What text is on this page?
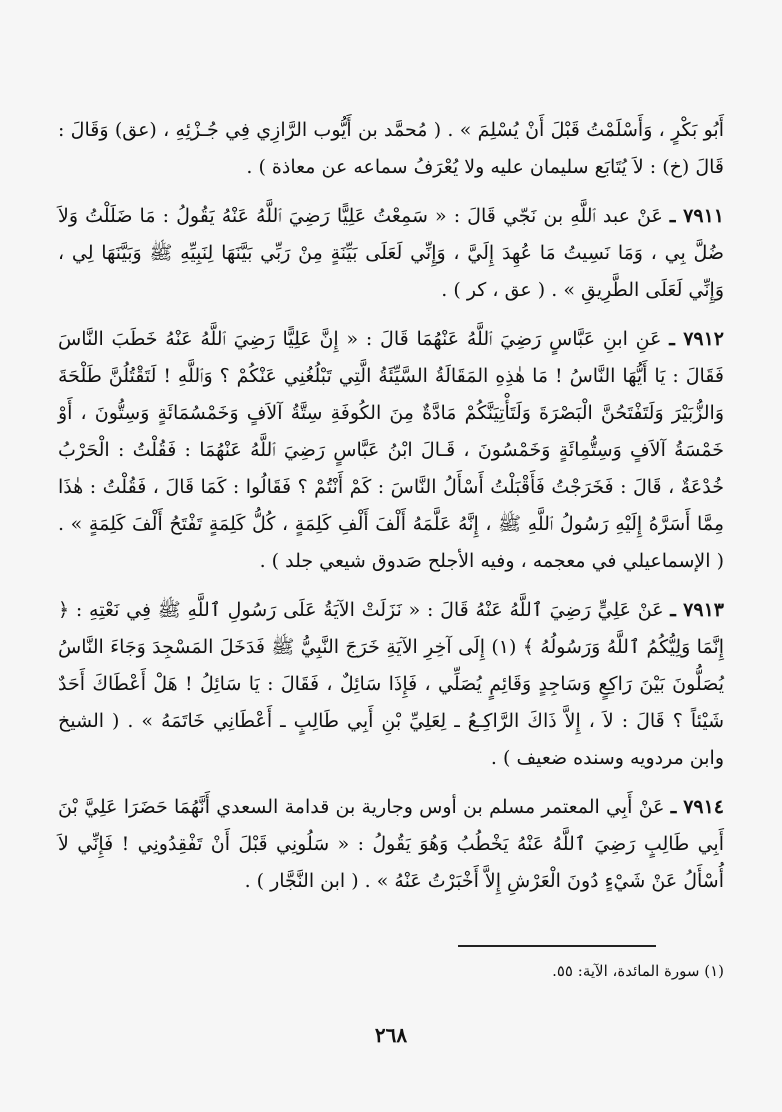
أَبُو بَكْرٍ ، وَأَسْلَمْتُ قَبْلَ أَنْ يُسْلِمَ » . ( مُحمَّد بن أَيُّوب الرَّازِي فِي جُـزْئِهِ ، (عق) وَقَالَ : قَالَ (خ) : لاَ يُتَابَع سليمان عليه ولا يُعْرَفُ سماعه عن معاذة ) .

٧٩١١ ـ عَنْ عبد ٱللَّهِ بن نَجّي قَالَ : « سَمِعْتُ عَلِيًّا رَضِيَ ٱللَّهُ عَنْهُ يَقُولُ : مَا ضَلَلْتُ وَلاَ ضُلَّ بِي ، وَمَا نَسِيتُ مَا عُهِدَ إِلَيَّ ، وَإِنِّي لَعَلَى بَيِّنَةٍ مِنْ رَبِّي بَيَّنَهَا لِنَبِيِّهِ ﷺ وَبَيَّنَهَا لِي ، وَإِنِّي لَعَلَى الطَّرِيقِ » . ( عق ، كر ) .

٧٩١٢ ـ عَنِ ابنِ عَبَّاسٍ رَضِيَ ٱللَّهُ عَنْهُمَا قَالَ : « إِنَّ عَلِيًّا رَضِيَ ٱللَّهُ عَنْهُ خَطَبَ النَّاسَ فَقَالَ : يَا أَيُّهَا النَّاسُ ! مَا هٰذِهِ المَقَالَةُ السَّيِّئَةُ الَّتِي تَبْلُغُنِي عَنْكُمْ ؟ وَٱللَّهِ ! لَتَقْتُلُنَّ طَلْحَةَ وَالزُّبَيْرَ وَلَتَفْتَحُنَّ الْبَصْرَةَ وَلَتَأْتِيَنَّكُمْ مَادَّةٌ مِنَ الكُوفَةِ سِتَّةُ آلاَفٍ وَخَمْسُمَائَةٍ وَسِتُّونَ ، أَوْ خَمْسَةُ آلاَفٍ وَسِتُّمِائَةٍ وَخَمْسُونَ ، قَـالَ ابْنُ عَبَّاسٍ رَضِيَ ٱللَّهُ عَنْهُمَا : فَقُلْتُ : الْحَرْبُ خُدْعَةٌ ، قَالَ : فَخَرَجْتُ فَأَقْبَلْتُ أَسْأَلُ النَّاسَ : كَمْ أَنْتُمْ ؟ فَقَالُوا : كَمَا قَالَ ، فَقُلْتُ : هٰذَا مِمَّا أَسَرَّهُ إِلَيْهِ رَسُولُ ٱللَّهِ ﷺ ، إِنَّهُ عَلَّمَهُ أَلْفَ أَلْفِ كَلِمَةٍ ، كُلُّ كَلِمَةٍ تَفْتَحُ أَلْفَ كَلِمَةٍ » . ( الإسماعيلي في معجمه ، وفيه الأجلح صَدوق شيعي جلد ) .

٧٩١٣ ـ عَنْ عَلِيٍّ رَضِيَ ٱللَّهُ عَنْهُ قَالَ : « نَزَلَتْ الآيَةُ عَلَى رَسُولِ ٱللَّهِ ﷺ فِي نَعْتِهِ : ﴿ إِنَّمَا وَلِيُّكُمُ ٱللَّهُ وَرَسُولُهُ ﴾ (١) إِلَى آخِرِ الآيَةِ خَرَجَ النَّبِيُّ ﷺ فَدَخَلَ المَسْجِدَ وَجَاءَ النَّاسُ يُصَلُّونَ بَيْنَ رَاكِعٍ وَسَاجِدٍ وَقَائِمٍ يُصَلِّي ، فَإِذَا سَائِلٌ ، فَقَالَ : يَا سَائِلُ ! هَلْ أَعْطَاكَ أَحَدٌ شَيْئاً ؟ قَالَ : لاَ ، إِلاَّ ذَاكَ الرَّاكِـعُ ـ لِعَلِيِّ بْنِ أَبِي طَالِبٍ ـ أَعْطَانِي خَاتَمَهُ » . ( الشيخ وابن مردويه وسنده ضعيف ) .

٧٩١٤ ـ عَنْ أَبِي المعتمر مسلم بن أوس وجارية بن قدامة السعدي أَنَّهُمَا حَضَرَا عَلِيَّ بْنَ أَبِي طَالِبٍ رَضِيَ ٱللَّهُ عَنْهُ يَخْطُبُ وَهُوَ يَقُولُ : « سَلُونِي قَبْلَ أَنْ تَفْقِدُونِي ! فَإِنِّي لاَ أُسْأَلُ عَنْ شَيْءٍ دُونَ الْعَرْشِ إِلاَّ أَخْبَرْتُ عَنْهُ » . ( ابن النَّجَّار ) .

(١) سورة المائدة، الآية: ٥٥.
٢٦٨
